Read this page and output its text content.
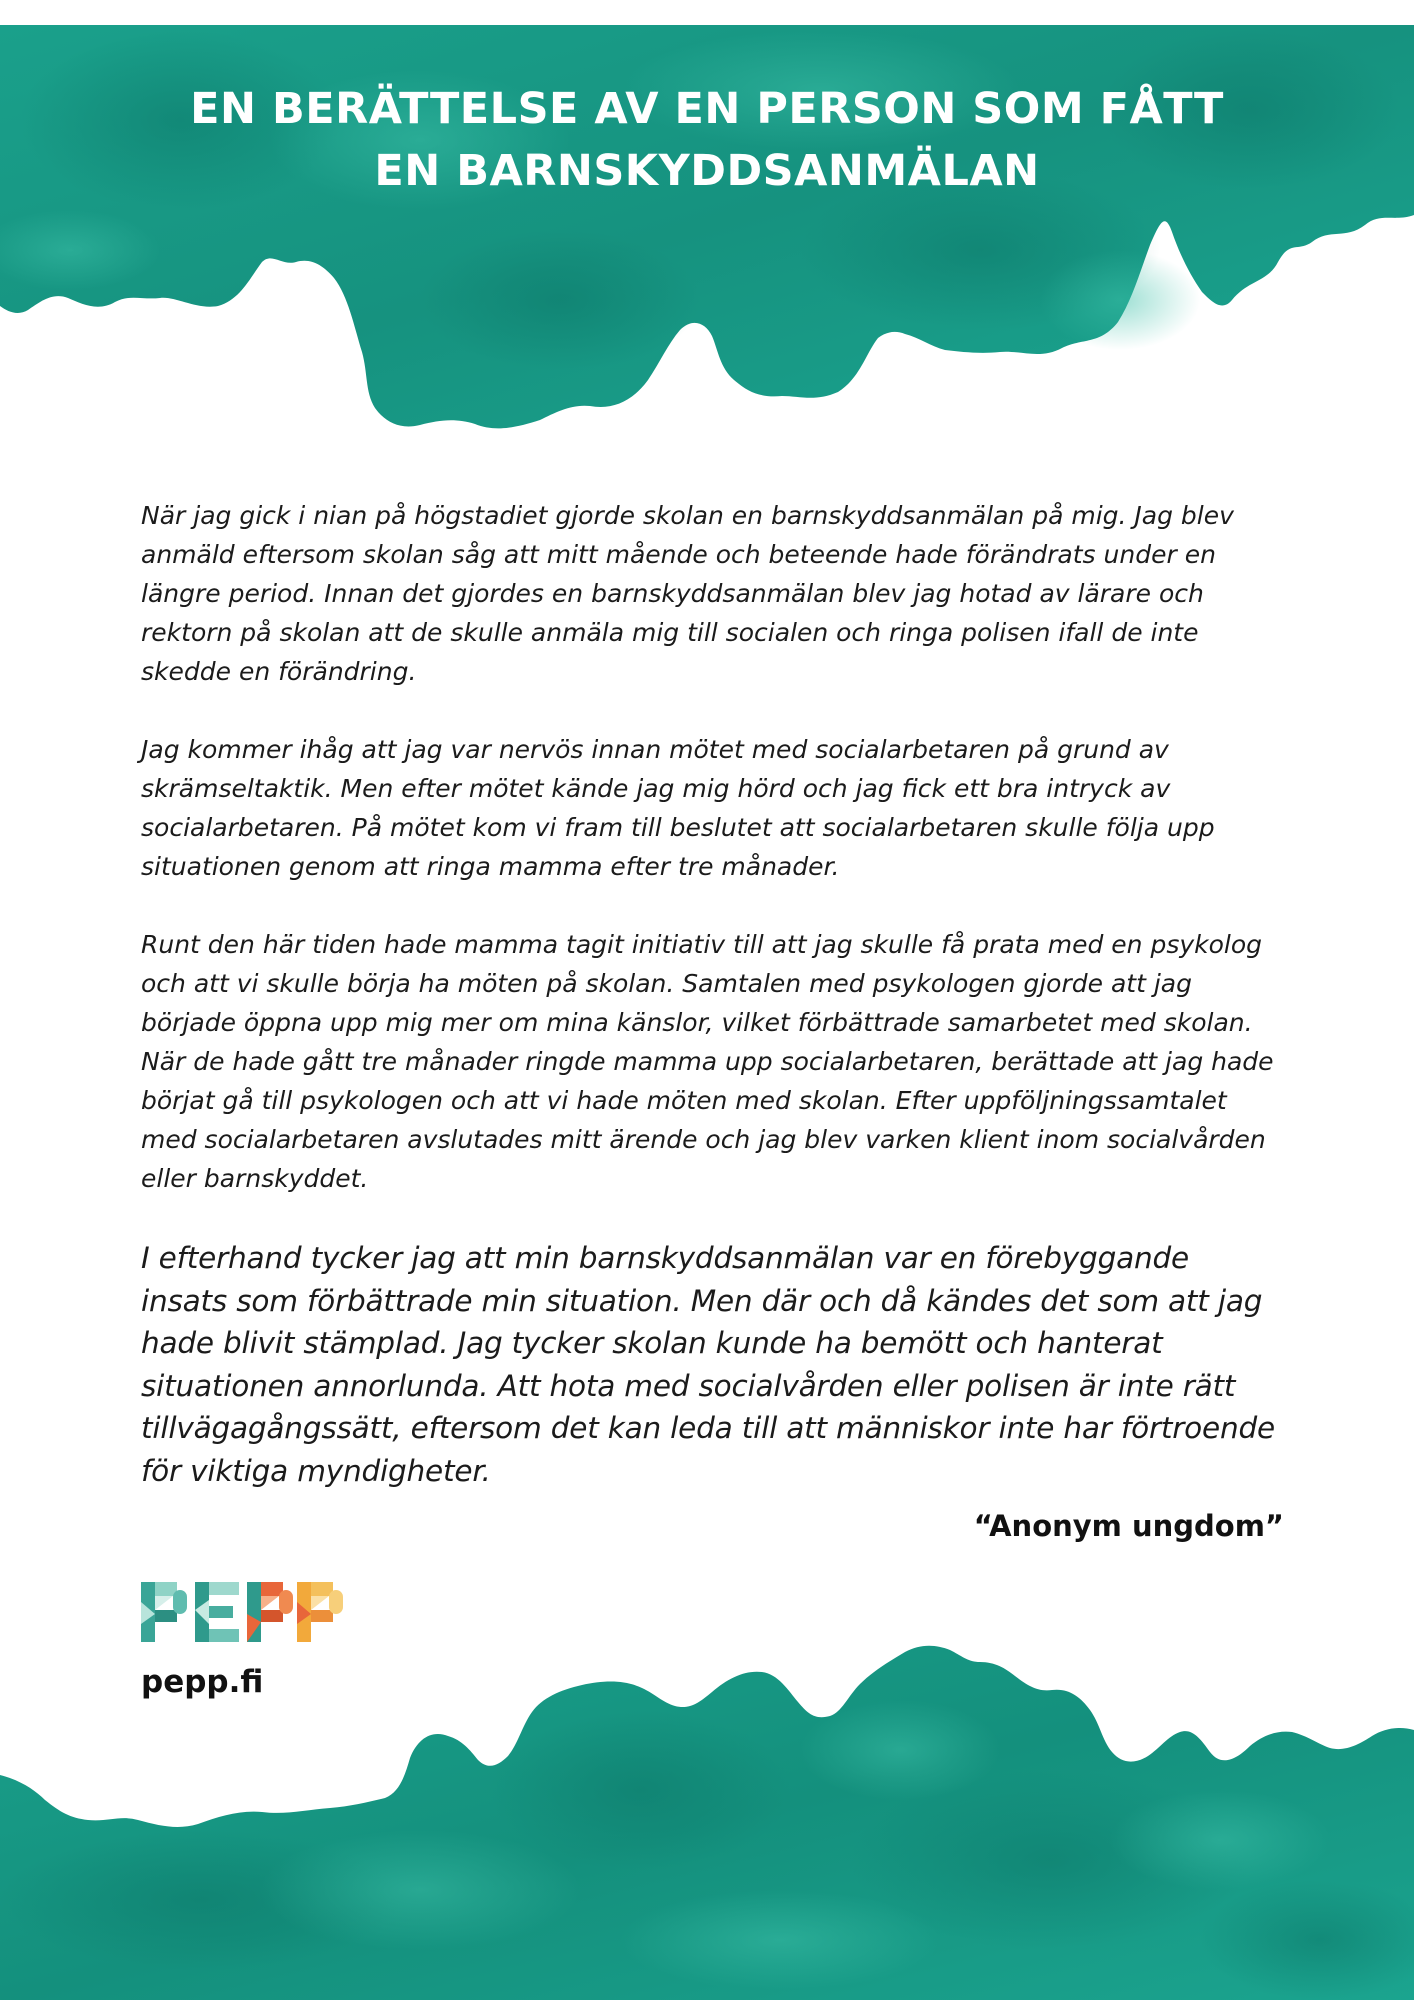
EN BERÄTTELSE AV EN PERSON SOM FÅTT
EN BARNSKYDDSANMÄLAN

När jag gick i nian på högstadiet gjorde skolan en barnskyddsanmälan på mig. Jag blev anmäld eftersom skolan såg att mitt mående och beteende hade förändrats under en längre period. Innan det gjordes en barnskyddsanmälan blev jag hotad av lärare och rektorn på skolan att de skulle anmäla mig till socialen och ringa polisen ifall de inte skedde en förändring.

Jag kommer ihåg att jag var nervös innan mötet med socialarbetaren på grund av skrämseltaktik. Men efter mötet kände jag mig hörd och jag fick ett bra intryck av socialarbetaren. På mötet kom vi fram till beslutet att socialarbetaren skulle följa upp situationen genom att ringa mamma efter tre månader.

Runt den här tiden hade mamma tagit initiativ till att jag skulle få prata med en psykolog och att vi skulle börja ha möten på skolan. Samtalen med psykologen gjorde att jag började öppna upp mig mer om mina känslor, vilket förbättrade samarbetet med skolan. När de hade gått tre månader ringde mamma upp socialarbetaren, berättade att jag hade börjat gå till psykologen och att vi hade möten med skolan. Efter uppföljningssamtalet med socialarbetaren avslutades mitt ärende och jag blev varken klient inom socialvården eller barnskyddet.

I efterhand tycker jag att min barnskyddsanmälan var en förebyggande insats som förbättrade min situation. Men där och då kändes det som att jag hade blivit stämplad. Jag tycker skolan kunde ha bemött och hanterat situationen annorlunda. Att hota med socialvården eller polisen är inte rätt tillvägagångssätt, eftersom det kan leda till att människor inte har förtroende för viktiga myndigheter.

“Anonym ungdom”

pepp.fi
